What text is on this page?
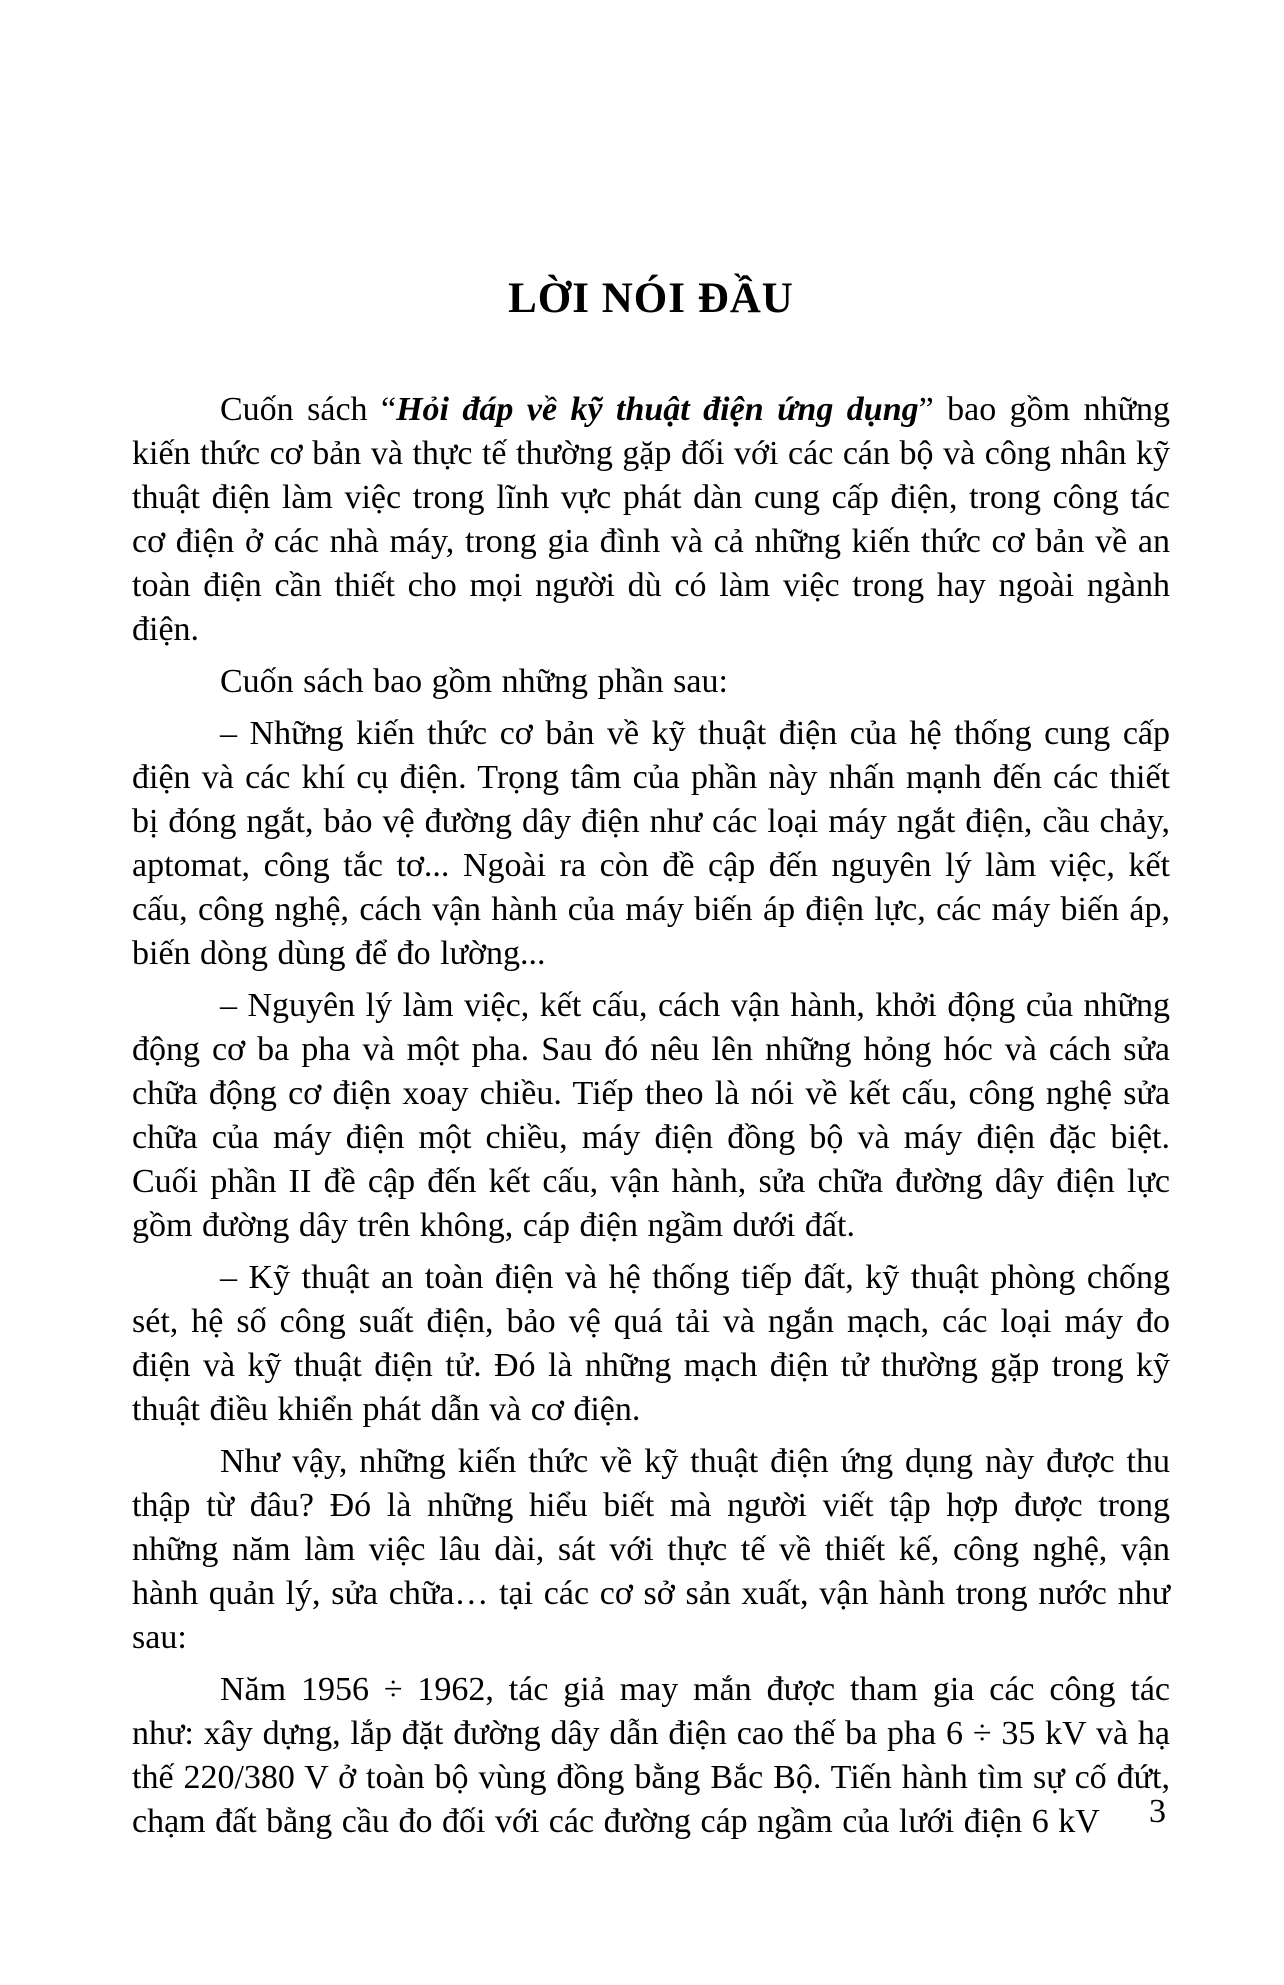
LỜI NÓI ĐẦU

Cuốn sách “Hỏi đáp về kỹ thuật điện ứng dụng” bao gồm những kiến thức cơ bản và thực tế thường gặp đối với các cán bộ và công nhân kỹ thuật điện làm việc trong lĩnh vực phát dàn cung cấp điện, trong công tác cơ điện ở các nhà máy, trong gia đình và cả những kiến thức cơ bản về an toàn điện cần thiết cho mọi người dù có làm việc trong hay ngoài ngành điện.

Cuốn sách bao gồm những phần sau:

– Những kiến thức cơ bản về kỹ thuật điện của hệ thống cung cấp điện và các khí cụ điện. Trọng tâm của phần này nhấn mạnh đến các thiết bị đóng ngắt, bảo vệ đường dây điện như các loại máy ngắt điện, cầu chảy, aptomat, công tắc tơ... Ngoài ra còn đề cập đến nguyên lý làm việc, kết cấu, công nghệ, cách vận hành của máy biến áp điện lực, các máy biến áp, biến dòng dùng để đo lường...

– Nguyên lý làm việc, kết cấu, cách vận hành, khởi động của những động cơ ba pha và một pha. Sau đó nêu lên những hỏng hóc và cách sửa chữa động cơ điện xoay chiều. Tiếp theo là nói về kết cấu, công nghệ sửa chữa của máy điện một chiều, máy điện đồng bộ và máy điện đặc biệt. Cuối phần II đề cập đến kết cấu, vận hành, sửa chữa đường dây điện lực gồm đường dây trên không, cáp điện ngầm dưới đất.

– Kỹ thuật an toàn điện và hệ thống tiếp đất, kỹ thuật phòng chống sét, hệ số công suất điện, bảo vệ quá tải và ngắn mạch, các loại máy đo điện và kỹ thuật điện tử. Đó là những mạch điện tử thường gặp trong kỹ thuật điều khiển phát dẫn và cơ điện.

Như vậy, những kiến thức về kỹ thuật điện ứng dụng này được thu thập từ đâu? Đó là những hiểu biết mà người viết tập hợp được trong những năm làm việc lâu dài, sát với thực tế về thiết kế, công nghệ, vận hành quản lý, sửa chữa… tại các cơ sở sản xuất, vận hành trong nước như sau:

Năm 1956 ÷ 1962, tác giả may mắn được tham gia các công tác như: xây dựng, lắp đặt đường dây dẫn điện cao thế ba pha 6 ÷ 35 kV và hạ thế 220/380 V ở toàn bộ vùng đồng bằng Bắc Bộ. Tiến hành tìm sự cố đứt, chạm đất bằng cầu đo đối với các đường cáp ngầm của lưới điện 6 kV	3
